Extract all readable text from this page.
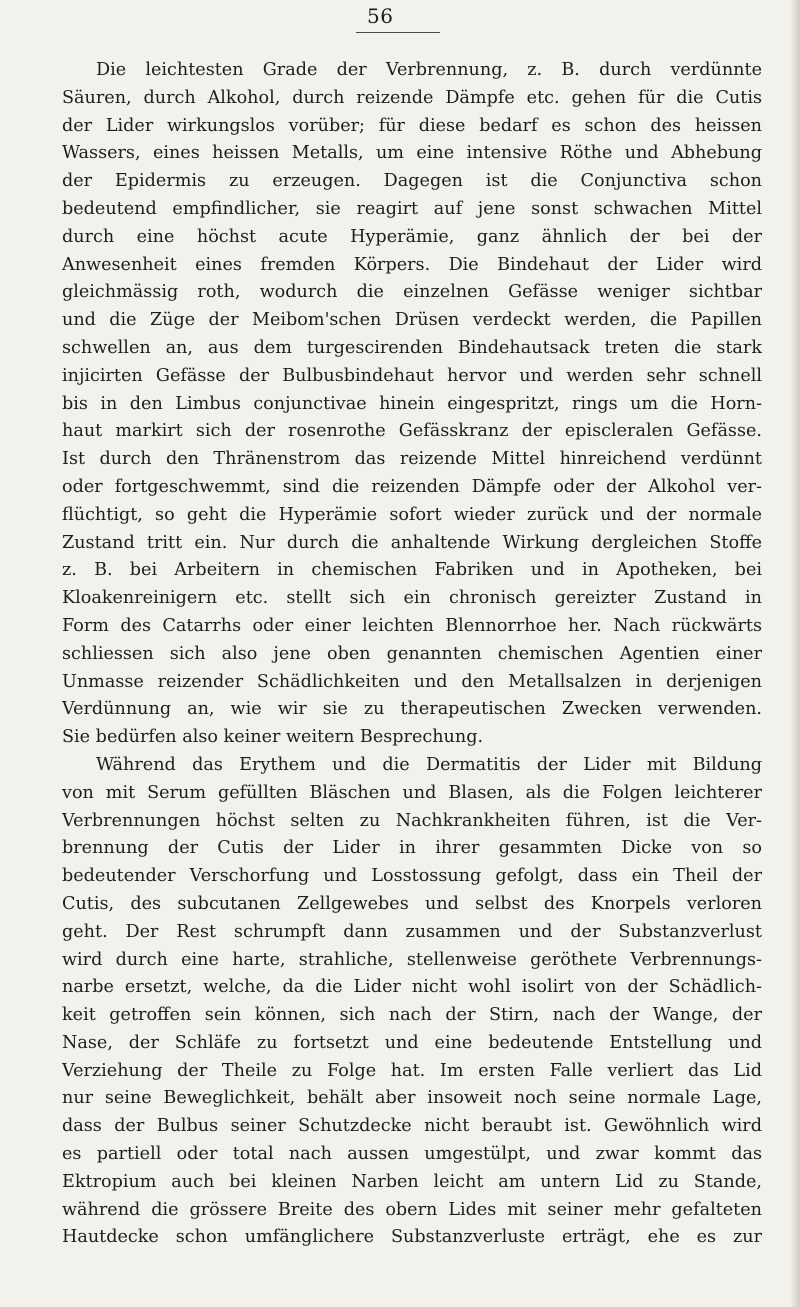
56
Die leichtesten Grade der Verbrennung, z. B. durch verdünnte
Säuren, durch Alkohol, durch reizende Dämpfe etc. gehen für die Cutis
der Lider wirkungslos vorüber; für diese bedarf es schon des heissen
Wassers, eines heissen Metalls, um eine intensive Röthe und Abhebung
der Epidermis zu erzeugen. Dagegen ist die Conjunctiva schon
bedeutend empfindlicher, sie reagirt auf jene sonst schwachen Mittel
durch eine höchst acute Hyperämie, ganz ähnlich der bei der
Anwesenheit eines fremden Körpers. Die Bindehaut der Lider wird
gleichmässig roth, wodurch die einzelnen Gefässe weniger sichtbar
und die Züge der Meibom'schen Drüsen verdeckt werden, die Papillen
schwellen an, aus dem turgescirenden Bindehautsack treten die stark
injicirten Gefässe der Bulbusbindehaut hervor und werden sehr schnell
bis in den Limbus conjunctivae hinein eingespritzt, rings um die Horn-
haut markirt sich der rosenrothe Gefässkranz der episcleralen Gefässe.
Ist durch den Thränenstrom das reizende Mittel hinreichend verdünnt
oder fortgeschwemmt, sind die reizenden Dämpfe oder der Alkohol ver-
flüchtigt, so geht die Hyperämie sofort wieder zurück und der normale
Zustand tritt ein. Nur durch die anhaltende Wirkung dergleichen Stoffe
z. B. bei Arbeitern in chemischen Fabriken und in Apotheken, bei
Kloakenreinigern etc. stellt sich ein chronisch gereizter Zustand in
Form des Catarrhs oder einer leichten Blennorrhoe her. Nach rückwärts
schliessen sich also jene oben genannten chemischen Agentien einer
Unmasse reizender Schädlichkeiten und den Metallsalzen in derjenigen
Verdünnung an, wie wir sie zu therapeutischen Zwecken verwenden.
Sie bedürfen also keiner weitern Besprechung.
Während das Erythem und die Dermatitis der Lider mit Bildung
von mit Serum gefüllten Bläschen und Blasen, als die Folgen leichterer
Verbrennungen höchst selten zu Nachkrankheiten führen, ist die Ver-
brennung der Cutis der Lider in ihrer gesammten Dicke von so
bedeutender Verschorfung und Losstossung gefolgt, dass ein Theil der
Cutis, des subcutanen Zellgewebes und selbst des Knorpels verloren
geht. Der Rest schrumpft dann zusammen und der Substanzverlust
wird durch eine harte, strahliche, stellenweise geröthete Verbrennungs-
narbe ersetzt, welche, da die Lider nicht wohl isolirt von der Schädlich-
keit getroffen sein können, sich nach der Stirn, nach der Wange, der
Nase, der Schläfe zu fortsetzt und eine bedeutende Entstellung und
Verziehung der Theile zu Folge hat. Im ersten Falle verliert das Lid
nur seine Beweglichkeit, behält aber insoweit noch seine normale Lage,
dass der Bulbus seiner Schutzdecke nicht beraubt ist. Gewöhnlich wird
es partiell oder total nach aussen umgestülpt, und zwar kommt das
Ektropium auch bei kleinen Narben leicht am untern Lid zu Stande,
während die grössere Breite des obern Lides mit seiner mehr gefalteten
Hautdecke schon umfänglichere Substanzverluste erträgt, ehe es zur
